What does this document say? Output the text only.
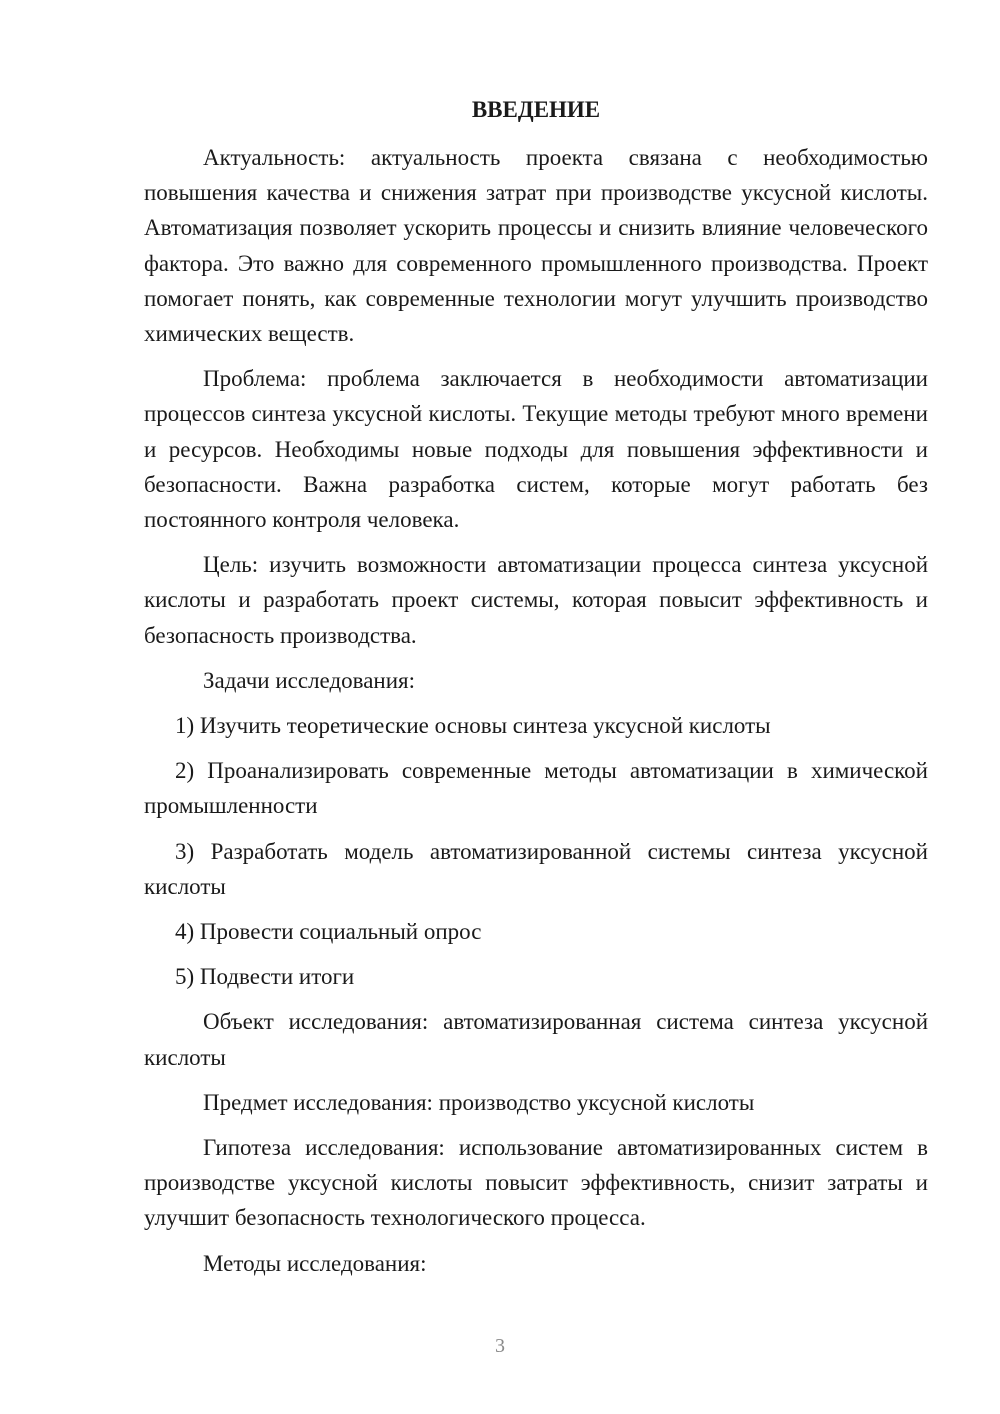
ВВЕДЕНИЕ

Актуальность: актуальность проекта связана с необходимостью повышения качества и снижения затрат при производстве уксусной кислоты. Автоматизация позволяет ускорить процессы и снизить влияние человеческого фактора. Это важно для современного промышленного производства. Проект помогает понять, как современные технологии могут улучшить производство химических веществ.

Проблема: проблема заключается в необходимости автоматизации процессов синтеза уксусной кислоты. Текущие методы требуют много времени и ресурсов. Необходимы новые подходы для повышения эффективности и безопасности. Важна разработка систем, которые могут работать без постоянного контроля человека.

Цель: изучить возможности автоматизации процесса синтеза уксусной кислоты и разработать проект системы, которая повысит эффективность и безопасность производства.

Задачи исследования:

1) Изучить теоретические основы синтеза уксусной кислоты

2) Проанализировать современные методы автоматизации в химической промышленности

3) Разработать модель автоматизированной системы синтеза уксусной кислоты

4) Провести социальный опрос

5) Подвести итоги

Объект исследования: автоматизированная система синтеза уксусной кислоты

Предмет исследования: производство уксусной кислоты

Гипотеза исследования: использование автоматизированных систем в производстве уксусной кислоты повысит эффективность, снизит затраты и улучшит безопасность технологического процесса.

Методы исследования:

3
